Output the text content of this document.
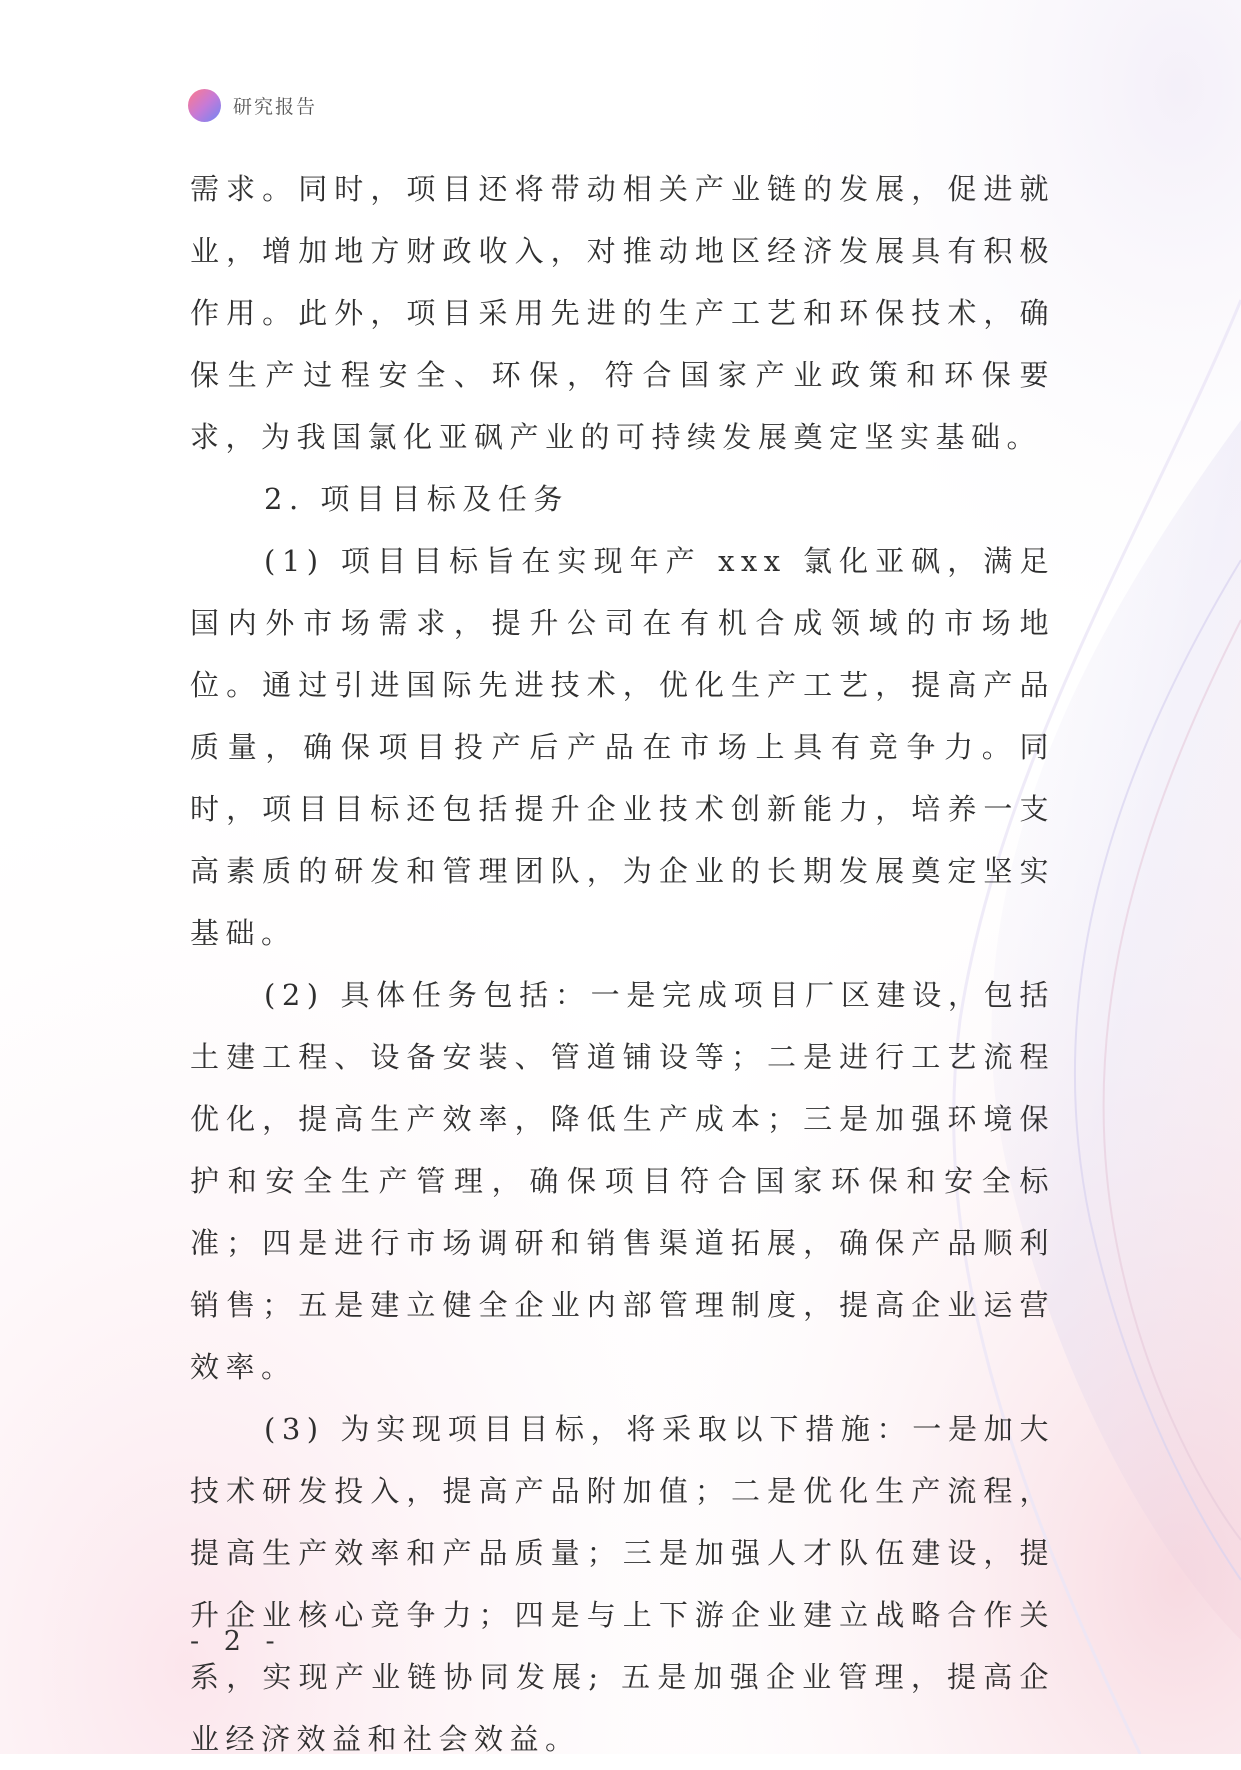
研究报告

需求。同时，项目还将带动相关产业链的发展，促进就业，增加地方财政收入，对推动地区经济发展具有积极作用。此外，项目采用先进的生产工艺和环保技术，确保生产过程安全、环保，符合国家产业政策和环保要求，为我国氯化亚砜产业的可持续发展奠定坚实基础。

2. 项目目标及任务

(1) 项目目标旨在实现年产 xxx 氯化亚砜，满足国内外市场需求，提升公司在有机合成领域的市场地位。通过引进国际先进技术，优化生产工艺，提高产品质量，确保项目投产后产品在市场上具有竞争力。同时，项目目标还包括提升企业技术创新能力，培养一支高素质的研发和管理团队，为企业的长期发展奠定坚实基础。

(2) 具体任务包括：一是完成项目厂区建设，包括土建工程、设备安装、管道铺设等；二是进行工艺流程优化，提高生产效率，降低生产成本；三是加强环境保护和安全生产管理，确保项目符合国家环保和安全标准；四是进行市场调研和销售渠道拓展，确保产品顺利销售；五是建立健全企业内部管理制度，提高企业运营效率。

(3) 为实现项目目标，将采取以下措施：一是加大技术研发投入，提高产品附加值；二是优化生产流程，提高生产效率和产品质量；三是加强人才队伍建设，提升企业核心竞争力；四是与上下游企业建立战略合作关系，实现产业链协同发展; 五是加强企业管理，提高企业经济效益和社会效益。

- 2 -
